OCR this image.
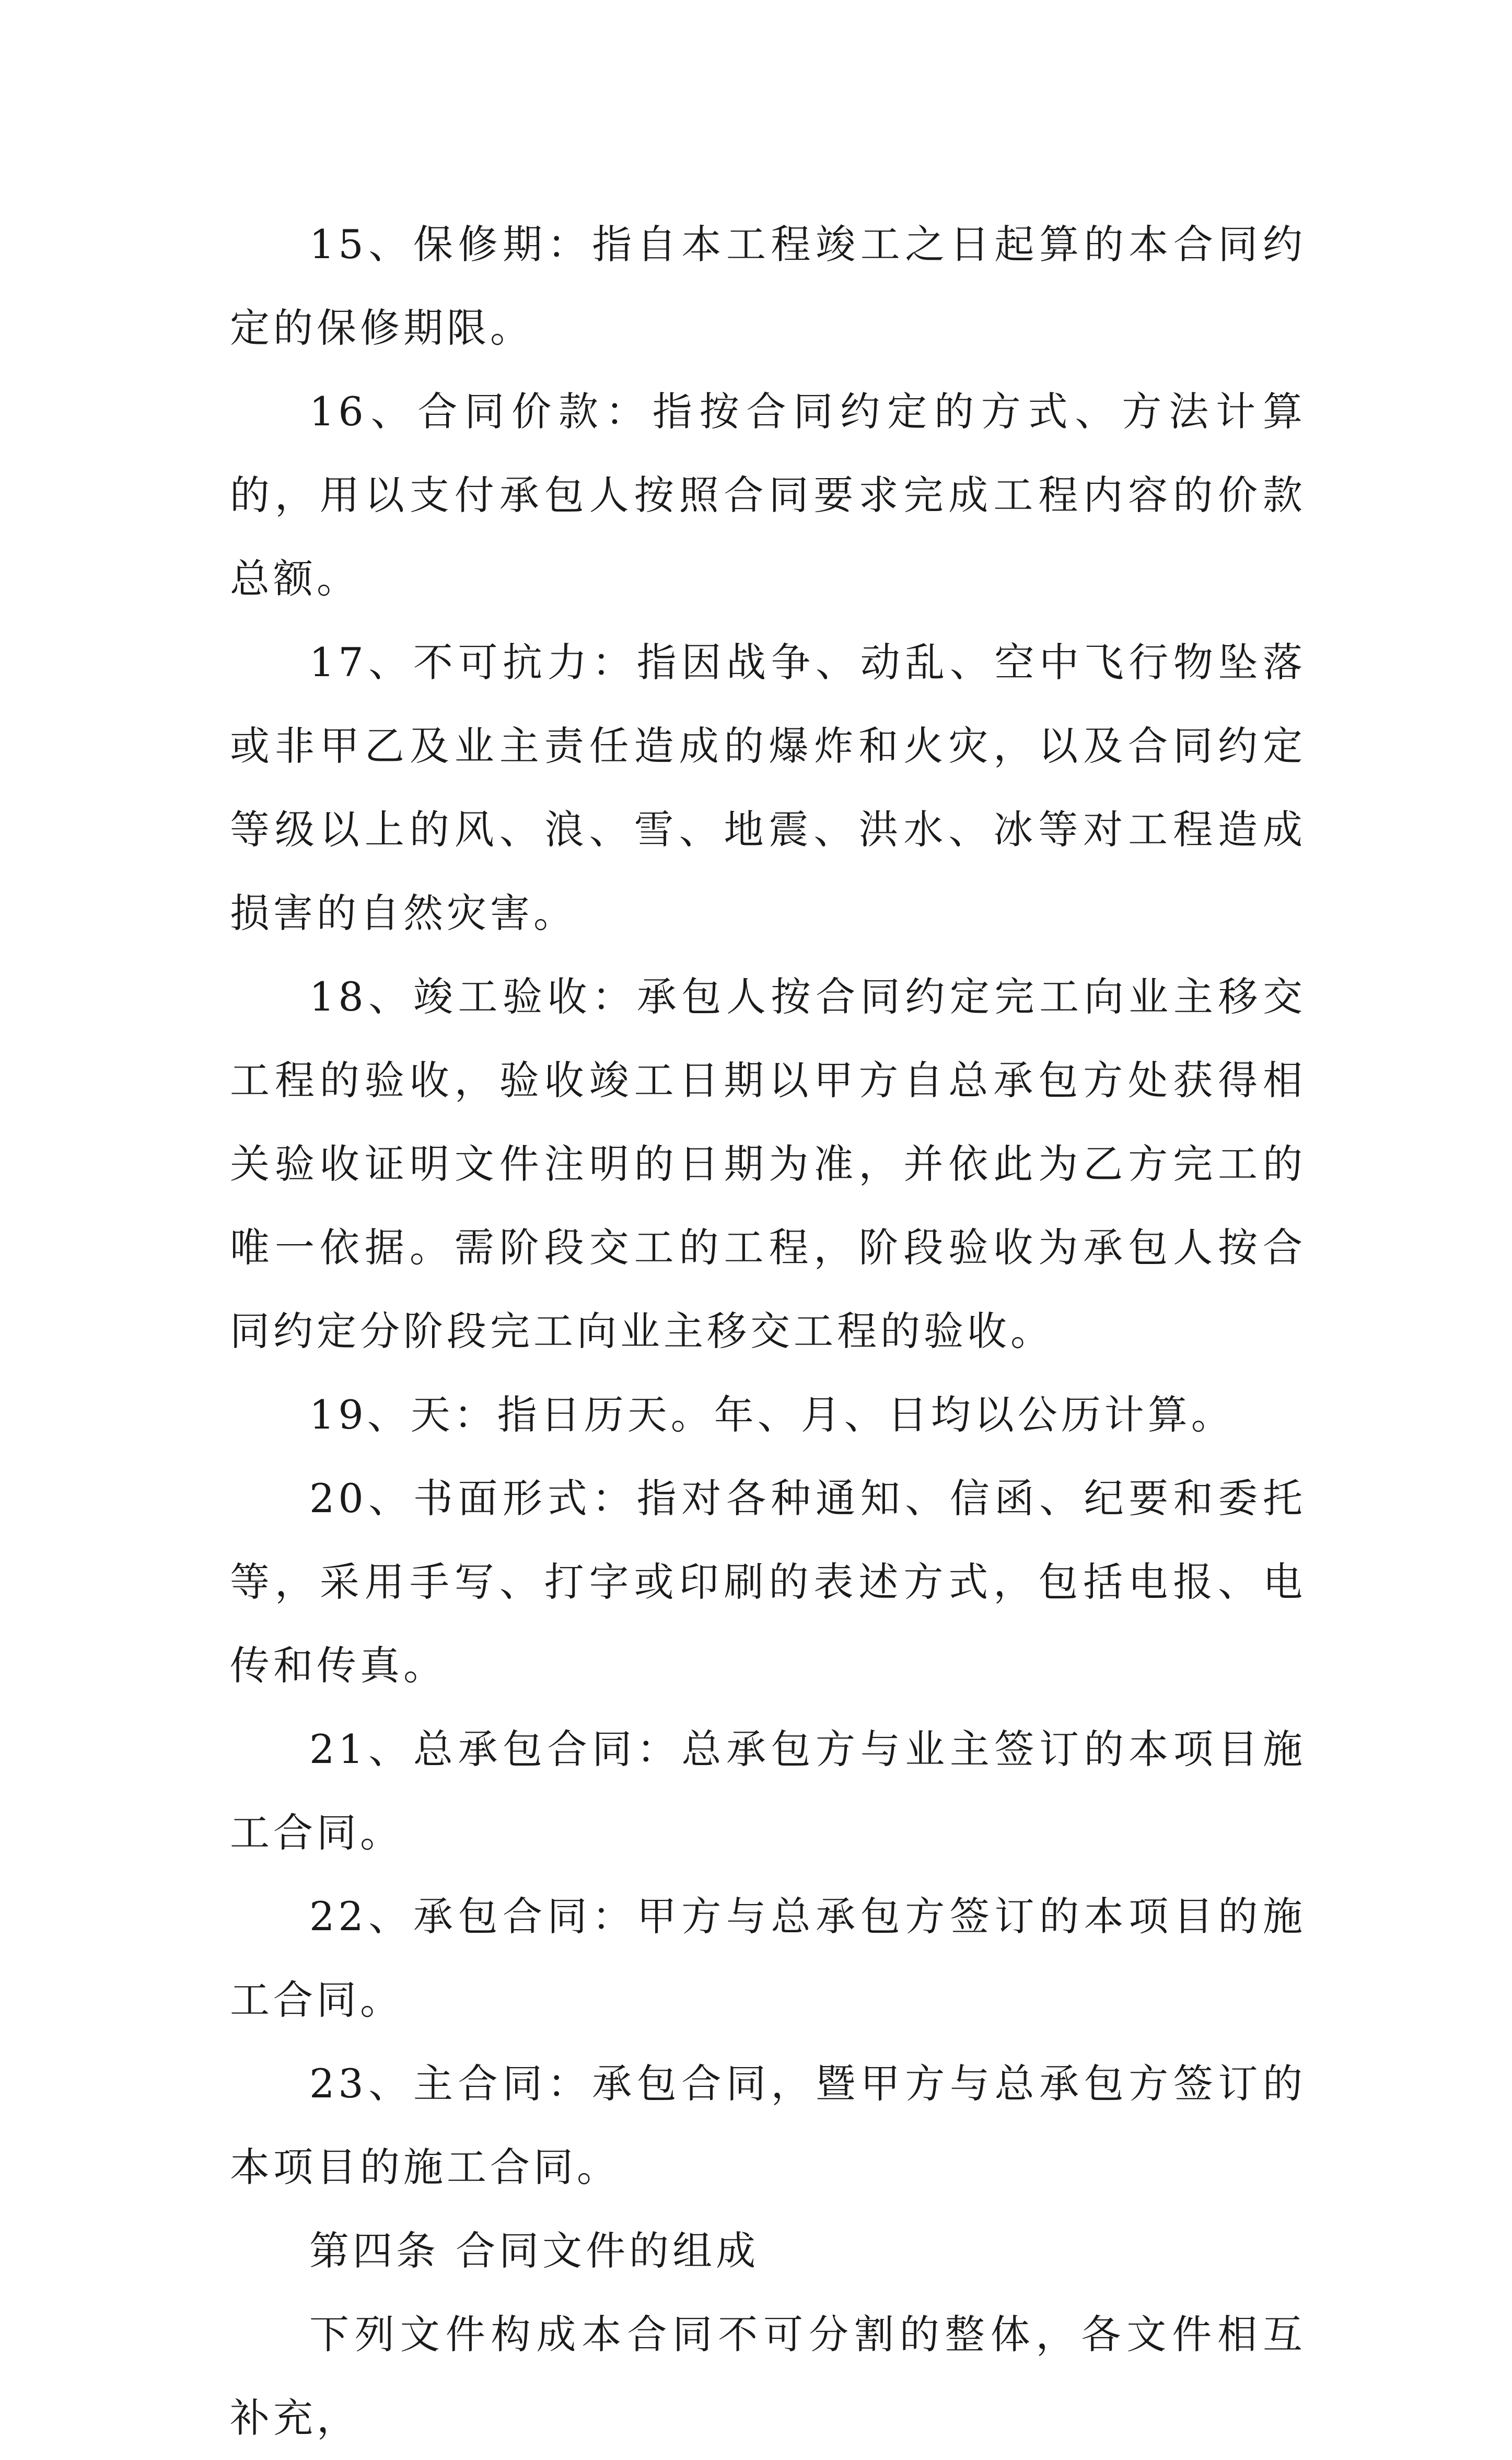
15、保修期：指自本工程竣工之日起算的本合同约定的保修期限。

16、合同价款：指按合同约定的方式、方法计算的，用以支付承包人按照合同要求完成工程内容的价款总额。

17、不可抗力：指因战争、动乱、空中飞行物坠落或非甲乙及业主责任造成的爆炸和火灾，以及合同约定等级以上的风、浪、雪、地震、洪水、冰等对工程造成损害的自然灾害。

18、竣工验收：承包人按合同约定完工向业主移交工程的验收，验收竣工日期以甲方自总承包方处获得相关验收证明文件注明的日期为准，并依此为乙方完工的唯一依据。需阶段交工的工程，阶段验收为承包人按合同约定分阶段完工向业主移交工程的验收。

19、天：指日历天。年、月、日均以公历计算。

20、书面形式：指对各种通知、信函、纪要和委托等，采用手写、打字或印刷的表述方式，包括电报、电传和传真。

21、总承包合同：总承包方与业主签订的本项目施工合同。

22、承包合同：甲方与总承包方签订的本项目的施工合同。

23、主合同：承包合同，暨甲方与总承包方签订的本项目的施工合同。

第四条 合同文件的组成

下列文件构成本合同不可分割的整体，各文件相互补充，
